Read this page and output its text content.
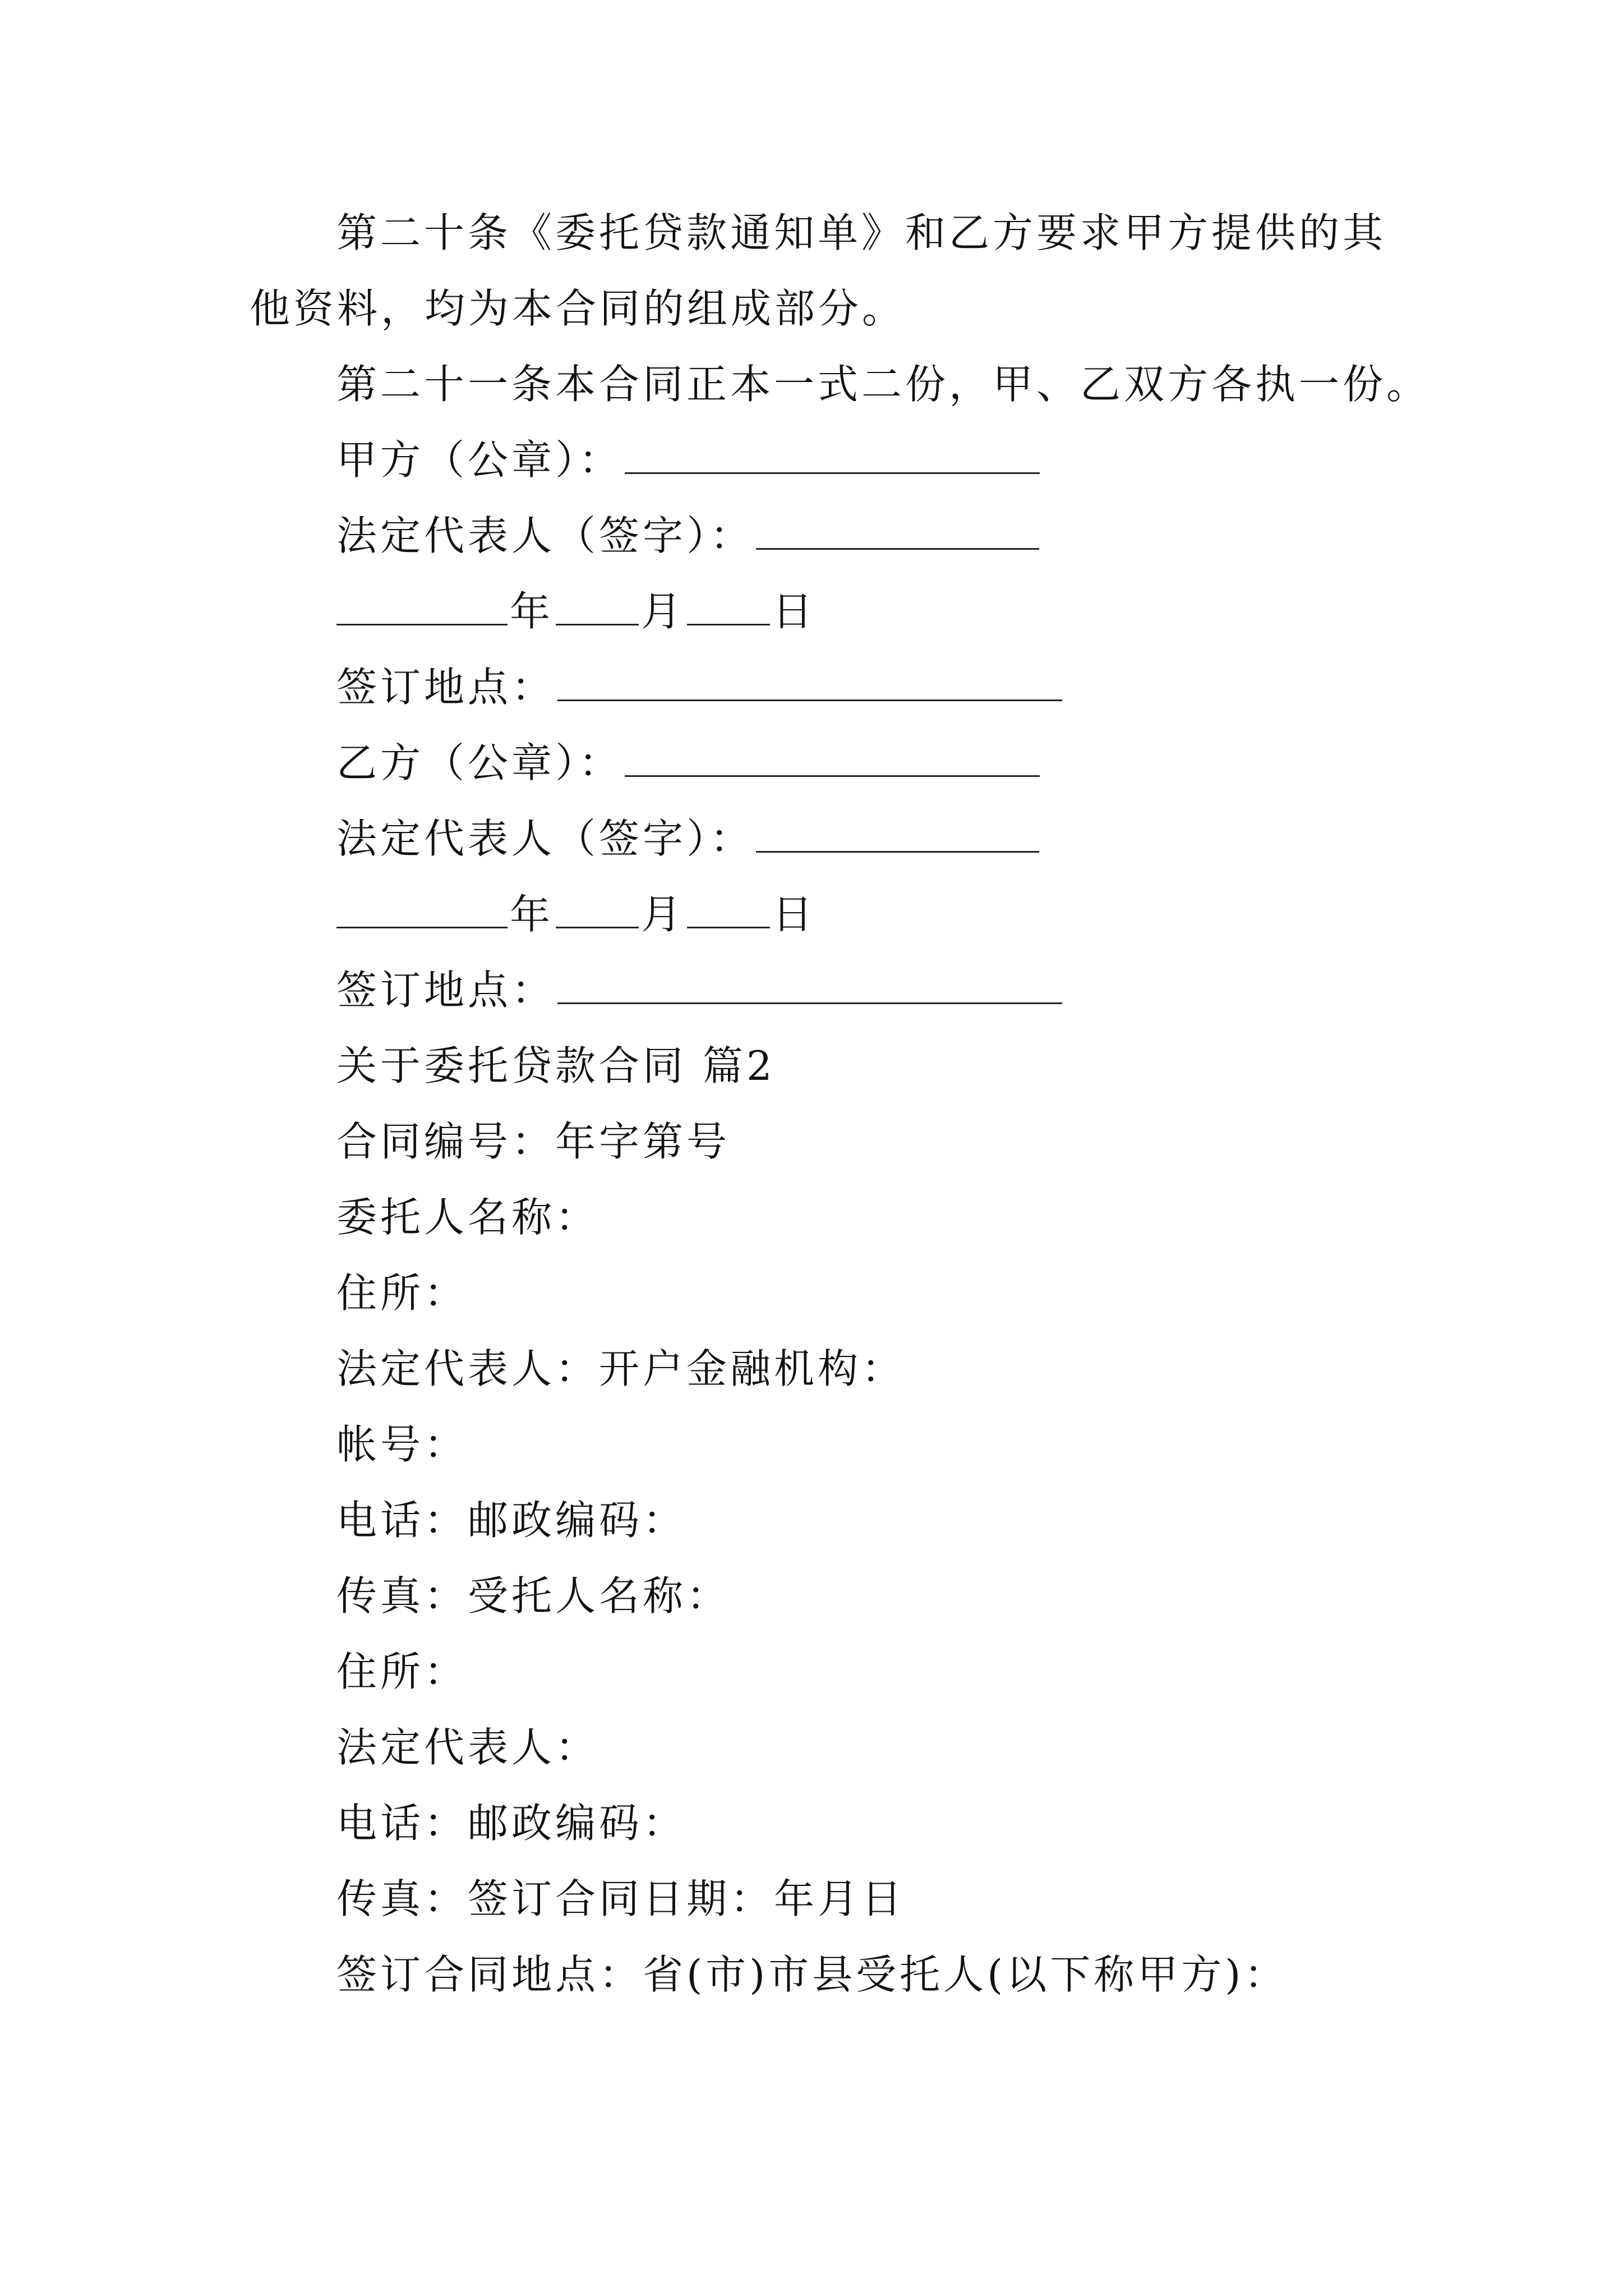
第二十条《委托贷款通知单》和乙方要求甲方提供的其
他资料，均为本合同的组成部分。
第二十一条本合同正本一式二份，甲、乙双方各执一份。
甲方（公章）：
法定代表人（签字）：
年 月 日
签订地点：
乙方（公章）：
法定代表人（签字）：
年 月 日
签订地点：
关于委托贷款合同 篇2
合同编号：年字第号
委托人名称：
住所：
法定代表人：开户金融机构：
帐号：
电话：邮政编码：
传真：受托人名称：
住所：
法定代表人：
电话：邮政编码：
传真：签订合同日期：年月日
签订合同地点：省(市)市县受托人(以下称甲方)：
